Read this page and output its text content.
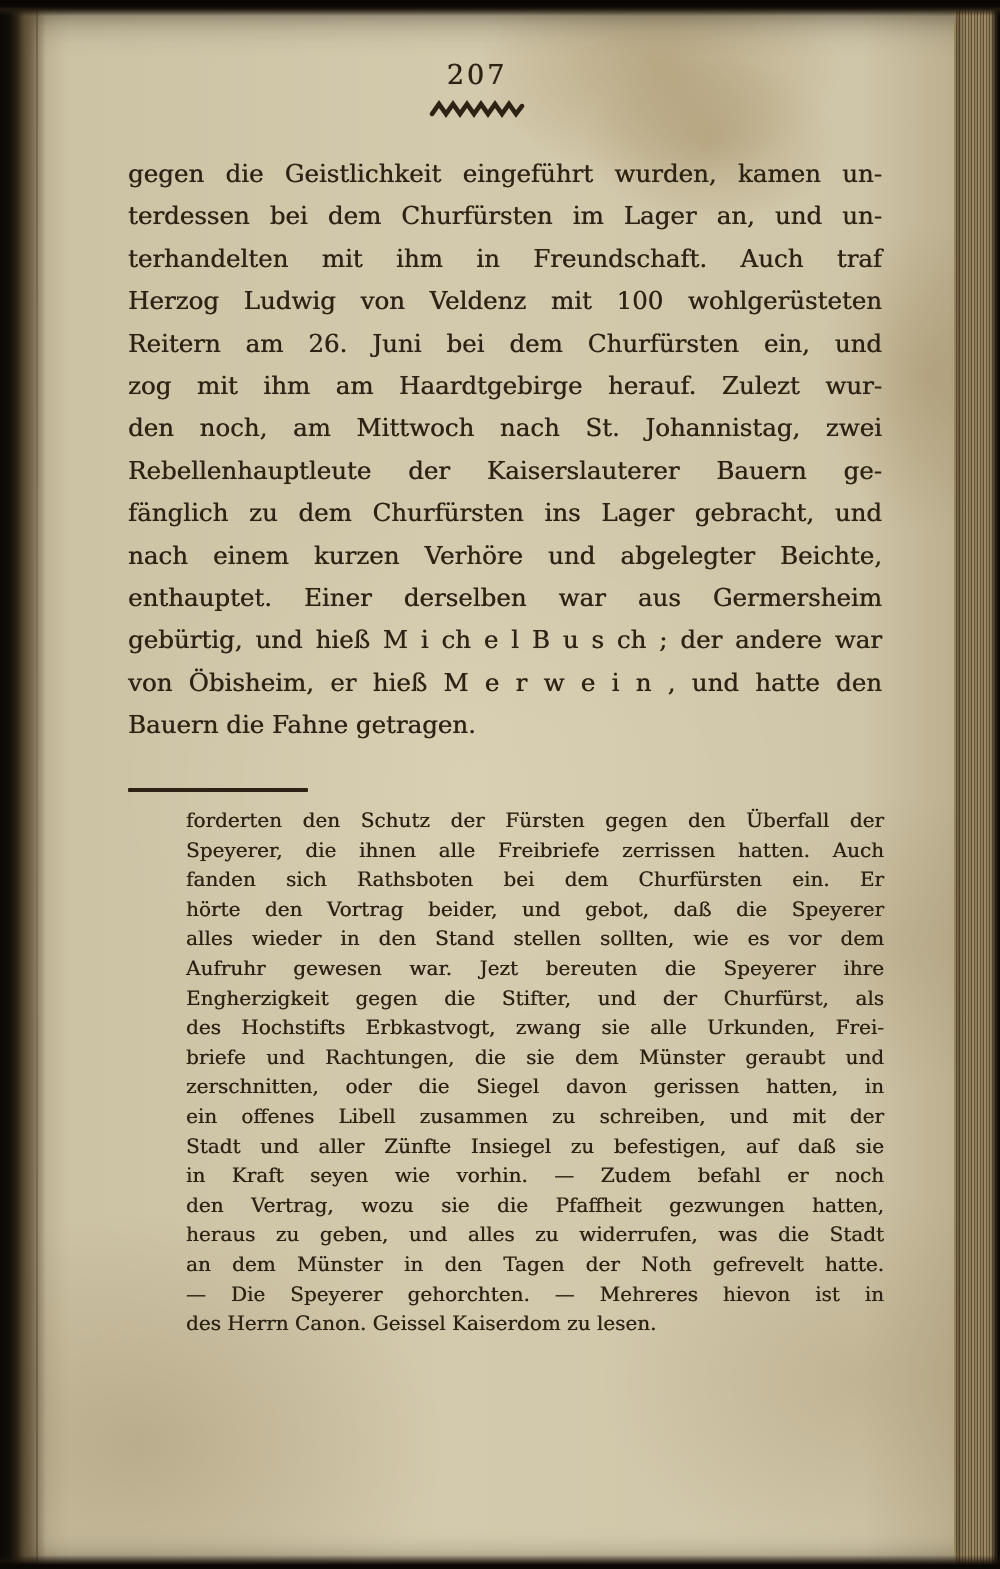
207
gegen die Geistlichkeit eingeführt wurden, kamen un-
terdessen bei dem Churfürsten im Lager an, und un-
terhandelten mit ihm in Freundschaft. Auch traf
Herzog Ludwig von Veldenz mit 100 wohlgerüsteten
Reitern am 26. Juni bei dem Churfürsten ein, und
zog mit ihm am Haardtgebirge herauf. Zulezt wur-
den noch, am Mittwoch nach St. Johannistag, zwei
Rebellenhauptleute der Kaiserslauterer Bauern ge-
fänglich zu dem Churfürsten ins Lager gebracht, und
nach einem kurzen Verhöre und abgelegter Beichte,
enthauptet. Einer derselben war aus Germersheim
gebürtig, und hieß M i ch e l B u s ch ; der andere war
von Öbisheim, er hieß M e r w e i n , und hatte den
Bauern die Fahne getragen.
forderten den Schutz der Fürsten gegen den Überfall der
Speyerer, die ihnen alle Freibriefe zerrissen hatten. Auch
fanden sich Rathsboten bei dem Churfürsten ein. Er
hörte den Vortrag beider, und gebot, daß die Speyerer
alles wieder in den Stand stellen sollten, wie es vor dem
Aufruhr gewesen war. Jezt bereuten die Speyerer ihre
Engherzigkeit gegen die Stifter, und der Churfürst, als
des Hochstifts Erbkastvogt, zwang sie alle Urkunden, Frei-
briefe und Rachtungen, die sie dem Münster geraubt und
zerschnitten, oder die Siegel davon gerissen hatten, in
ein offenes Libell zusammen zu schreiben, und mit der
Stadt und aller Zünfte Insiegel zu befestigen, auf daß sie
in Kraft seyen wie vorhin. — Zudem befahl er noch
den Vertrag, wozu sie die Pfaffheit gezwungen hatten,
heraus zu geben, und alles zu widerrufen, was die Stadt
an dem Münster in den Tagen der Noth gefrevelt hatte.
— Die Speyerer gehorchten. — Mehreres hievon ist in
des Herrn Canon. Geissel Kaiserdom zu lesen.
